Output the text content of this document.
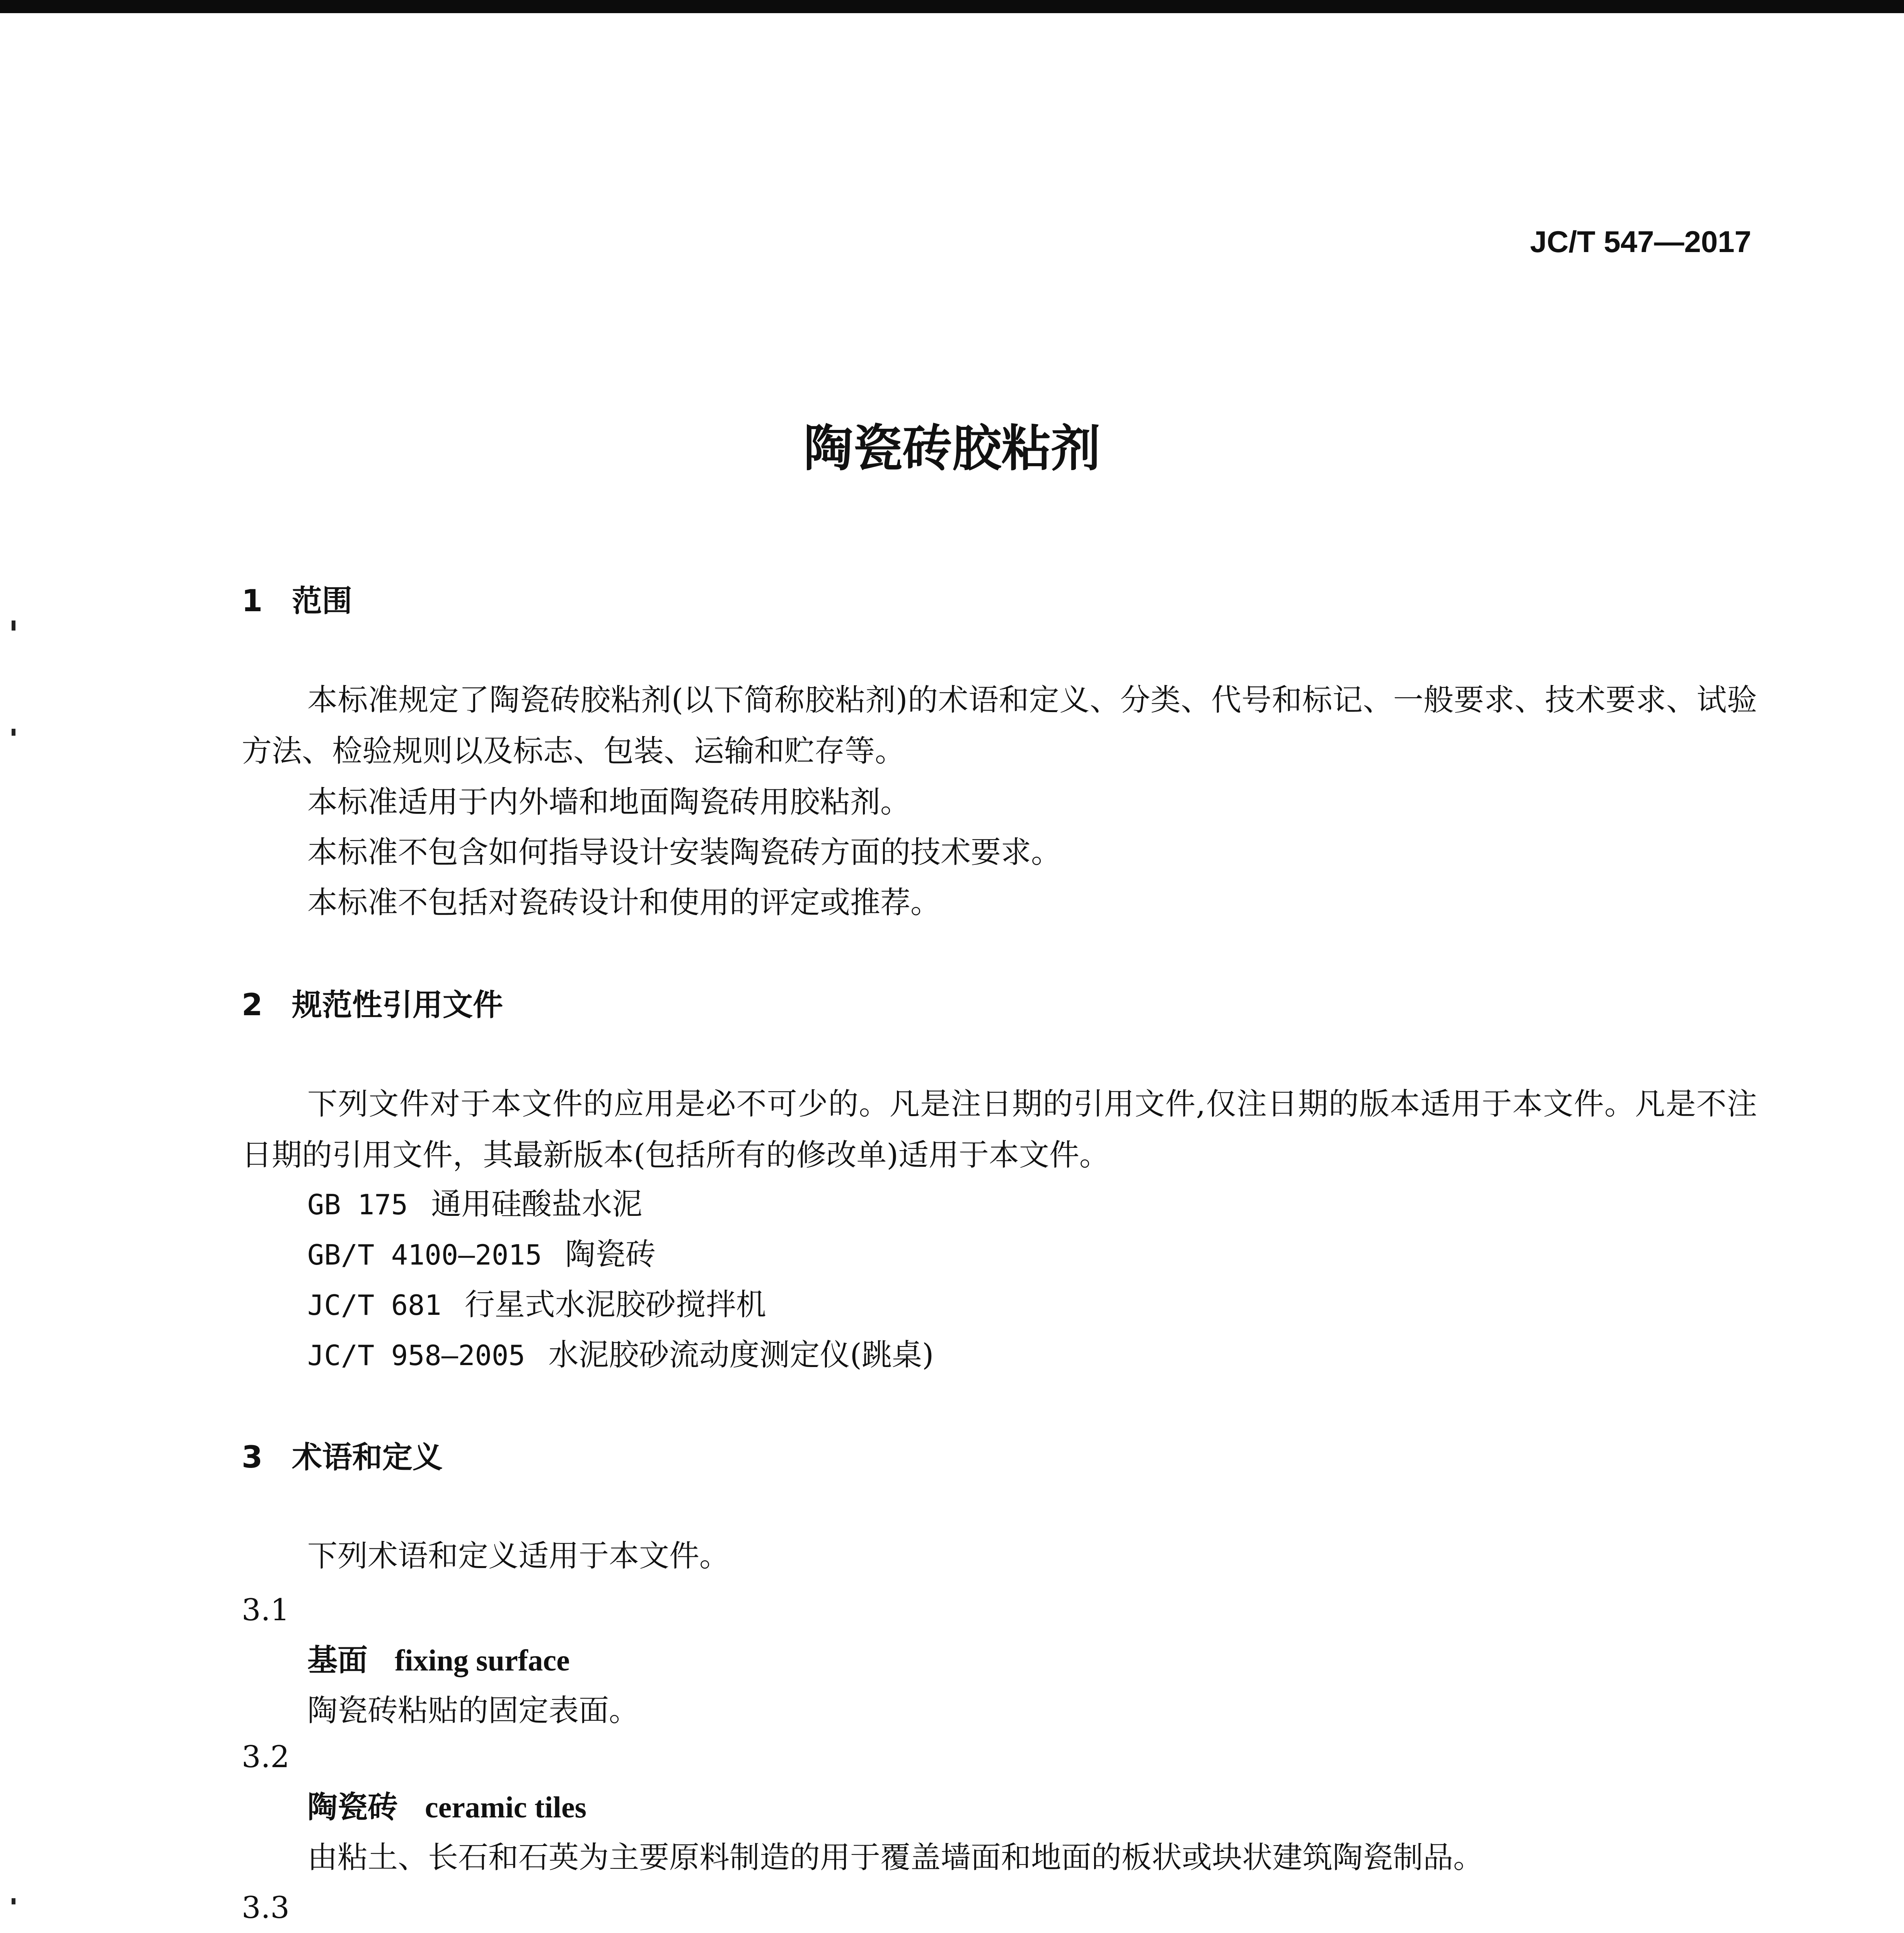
JC/T 547—2017
陶瓷砖胶粘剂
1 范围
本标准规定了陶瓷砖胶粘剂(以下简称胶粘剂)的术语和定义、分类、代号和标记、一般要求、技术要求、试验方法、检验规则以及标志、包装、运输和贮存等。
本标准适用于内外墙和地面陶瓷砖用胶粘剂。
本标准不包含如何指导设计安装陶瓷砖方面的技术要求。
本标准不包括对瓷砖设计和使用的评定或推荐。
2 规范性引用文件
下列文件对于本文件的应用是必不可少的。凡是注日期的引用文件,仅注日期的版本适用于本文件。凡是不注日期的引用文件，其最新版本(包括所有的修改单)适用于本文件。
GB 175 通用硅酸盐水泥
GB/T 4100—2015 陶瓷砖
JC/T 681 行星式水泥胶砂搅拌机
JC/T 958—2005 水泥胶砂流动度测定仪(跳桌)
3 术语和定义
下列术语和定义适用于本文件。
3.1
基面 fixing surface
陶瓷砖粘贴的固定表面。
3.2
陶瓷砖 ceramic tiles
由粘土、长石和石英为主要原料制造的用于覆盖墙面和地面的板状或块状建筑陶瓷制品。
3.3
